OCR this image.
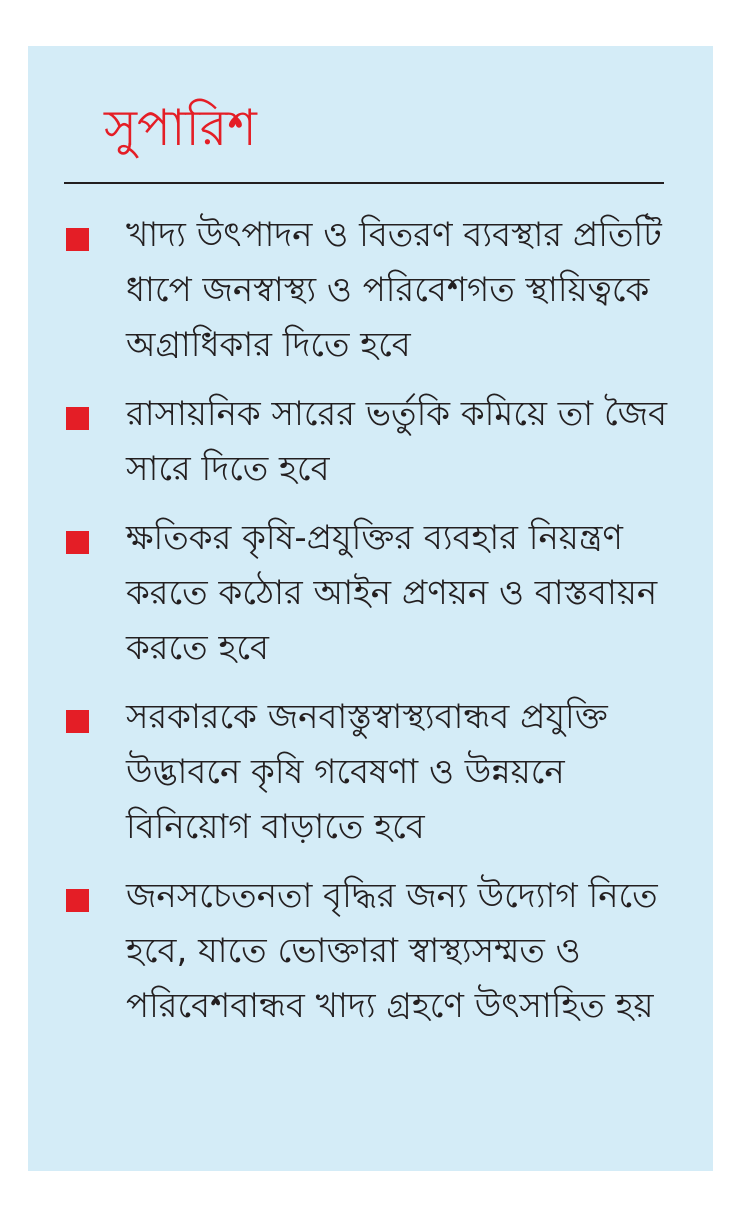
সুপারিশ
খাদ্য উৎপাদন ও বিতরণ ব্যবস্থার প্রতিটি ধাপে জনস্বাস্থ্য ও পরিবেশগত স্থায়িত্বকে অগ্রাধিকার দিতে হবে
রাসায়নিক সারের ভর্তুকি কমিয়ে তা জৈব সারে দিতে হবে
ক্ষতিকর কৃষি-প্রযুক্তির ব্যবহার নিয়ন্ত্রণ করতে কঠোর আইন প্রণয়ন ও বাস্তবায়ন করতে হবে
সরকারকে জনবাস্তুস্বাস্থ্যবান্ধব প্রযুক্তি উদ্ভাবনে কৃষি গবেষণা ও উন্নয়নে বিনিয়োগ বাড়াতে হবে
জনসচেতনতা বৃদ্ধির জন্য উদ্যোগ নিতে হবে, যাতে ভোক্তারা স্বাস্থ্যসম্মত ও পরিবেশবান্ধব খাদ্য গ্রহণে উৎসাহিত হয়
